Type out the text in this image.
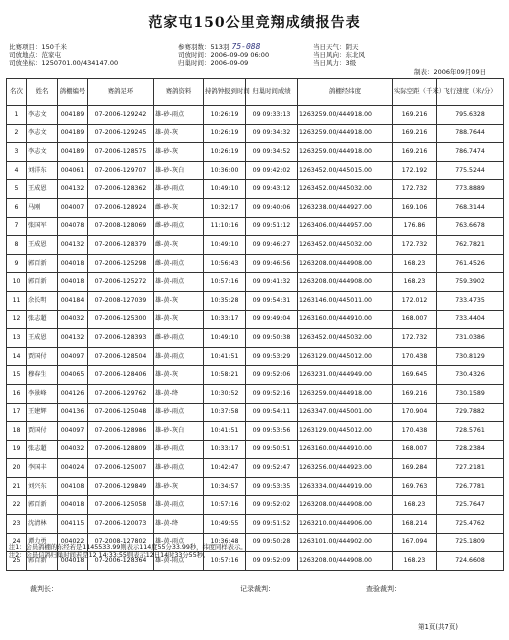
范家屯150公里竞翔成绩报告表
比赛项目：150千米
司放地点：范家屯
司放坐标：1250701.00/434147.00
参赛羽数：513羽 75-088
司放时间：2006-09-09 06:00
归巢时间：2006-09-09
当日天气：阴天
当日风向：东北风
当日风力：3级
制表：2006年09月09日
名次	姓名	鸽棚编号	赛鸽足环	赛鸽资料	持鸽钟报到时间	归巢时间成绩	鸽棚经纬度	实际空距（千米）	飞行速度（米/分）
1	李志文	004189	07-2006-129242	雄-砂-雨点	10:26:19	09 09:33:13	1263259.00/444918.00	169.216	795.6328
2	李志文	004189	07-2006-129245	雄-黄-灰	10:26:19	09 09:34:32	1263259.00/444918.00	169.216	788.7644
3	李志文	004189	07-2006-128575	雄-砂-灰	10:26:19	09 09:34:52	1263259.00/444918.00	169.216	786.7474
4	刘洋东	004061	07-2006-129707	雄-砂-灰白	10:36:00	09 09:42:02	1263452.00/445015.00	172.192	775.5244
5	王成恩	004132	07-2006-128362	雄-砂-雨点	10:49:10	09 09:43:12	1263452.00/445032.00	172.732	773.8889
6	马刚	004007	07-2006-128924	雌-砂-灰	10:32:17	09 09:40:06	1263238.00/444927.00	169.106	768.3144
7	张国军	004078	07-2008-128069	雌-砂-雨点	11:10:16	09 09:51:12	1263406.00/444957.00	176.86	763.6678
8	王成恩	004132	07-2006-128379	雌-黄-灰	10:49:10	09 09:46:27	1263452.00/445032.00	172.732	762.7821
9	郭百新	004018	07-2006-125298	雌-黄-雨点	10:56:43	09 09:46:56	1263208.00/444908.00	168.23	761.4526
10	郭百新	004018	07-2006-125272	雄-黄-雨点	10:57:16	09 09:41:32	1263208.00/444908.00	168.23	759.3902
11	余长明	004184	07-2008-127039	雄-黄-灰	10:35:28	09 09:54:31	1263146.00/445011.00	172.012	733.4735
12	张志超	004032	07-2006-125300	雄-黄-灰	10:33:17	09 09:49:04	1263160.00/444910.00	168.007	733.4404
13	王成恩	004132	07-2006-128393	雌-砂-雨点	10:49:10	09 09:50:38	1263452.00/445032.00	172.732	731.0386
14	贾国付	004097	07-2006-128504	雄-黄-雨点	10:41:51	09 09:53:29	1263129.00/445012.00	170.438	730.8129
15	穆春生	004065	07-2006-128406	雄-黄-灰	10:58:21	09 09:52:06	1263231.00/444949.00	169.645	730.4326
16	李景峰	004126	07-2006-129762	雄-黄-绛	10:30:52	09 09:52:16	1263259.00/444918.00	169.216	730.1589
17	王建辉	004136	07-2006-125048	雄-砂-雨点	10:37:58	09 09:54:11	1263347.00/445001.00	170.904	729.7882
18	贾国付	004097	07-2006-128986	雄-砂-灰白	10:41:51	09 09:53:56	1263129.00/445012.00	170.438	728.5761
19	张志超	004032	07-2006-128809	雄-砂-雨点	10:33:17	09 09:50:51	1263160.00/444910.00	168.007	728.2384
20	李国丰	004024	07-2006-125007	雄-砂-雨点	10:42:47	09 09:52:47	1263256.00/444923.00	169.284	727.2181
21	刘兴东	004108	07-2006-129849	雄-砂-灰	10:34:57	09 09:53:35	1263334.00/444919.00	169.763	726.7781
22	郭百新	004018	07-2006-125058	雄-黄-雨点	10:57:16	09 09:52:02	1263208.00/444908.00	168.23	725.7647
23	沈清林	004115	07-2006-120073	雄-黄-绛	10:49:55	09 09:51:52	1263210.00/444906.00	168.214	725.4762
24	谭力勇	004022	07-2008-127802	雄-黄-雨点	10:36:48	09 09:50:28	1263101.00/444902.00	167.094	725.1809
25	郭百新	004018	07-2006-128364	雄-黄-雨点	10:57:16	09 09:52:09	1263208.00/444908.00	168.23	724.6608
注1：会员鸽棚的东经若是1145533.99则表示114度55分33.99秒，纬度同样表示。
注2：会员信鸽归巢时间若是12 14:33:55则表示12日14时33分55秒。
裁判长：	记录裁判：	查验裁判：
第1页(共7页)
